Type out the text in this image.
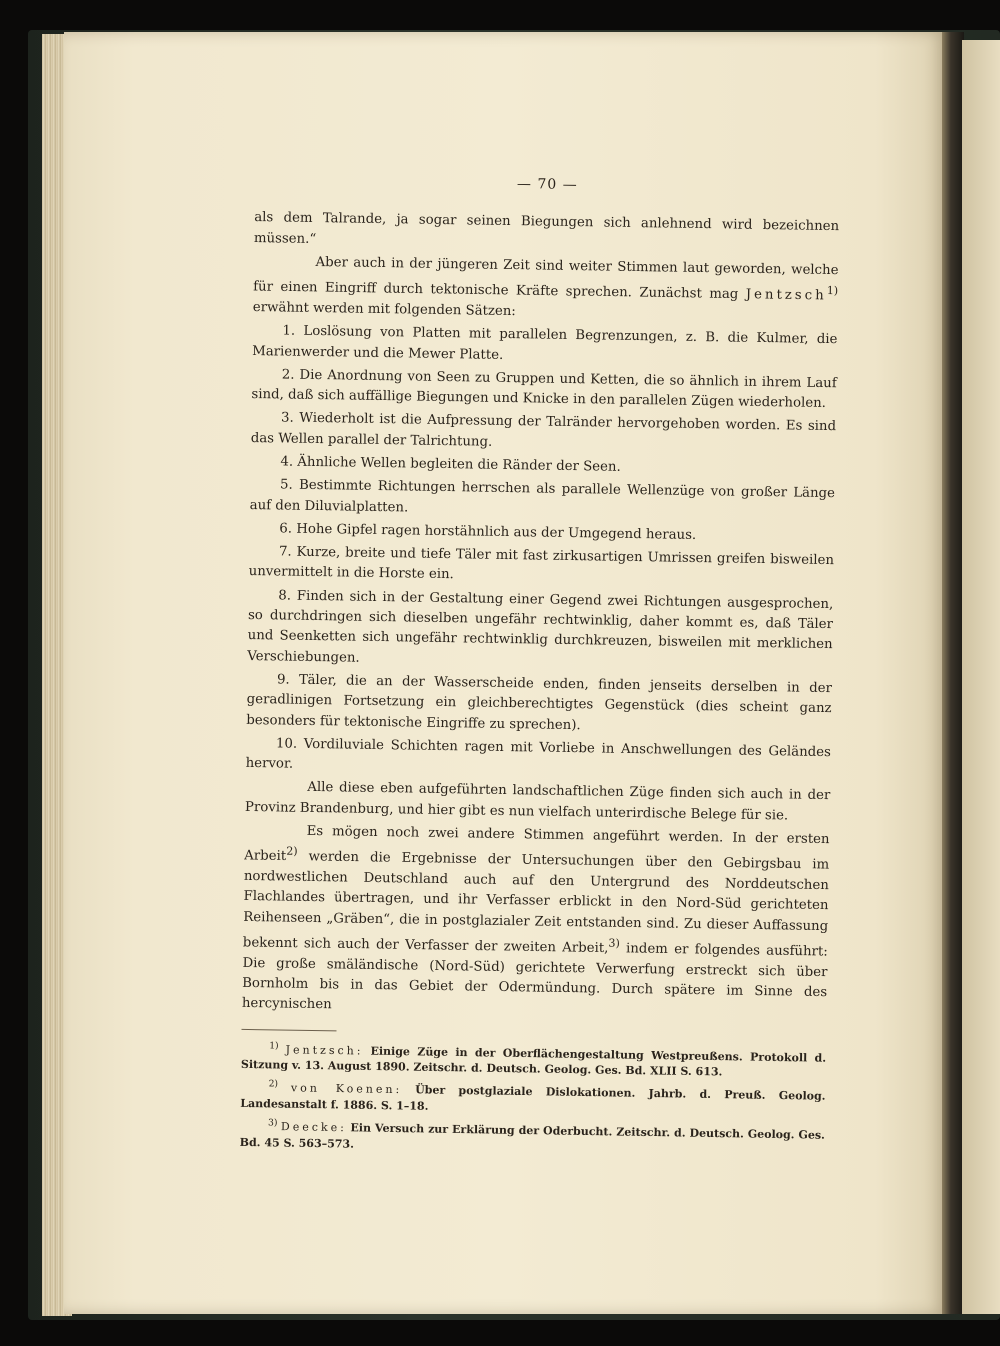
— 70 —

als dem Talrande, ja sogar seinen Biegungen sich anlehnend wird bezeichnen müssen.“

Aber auch in der jüngeren Zeit sind weiter Stimmen laut geworden, welche für einen Eingriff durch tektonische Kräfte sprechen. Zunächst mag Jentzsch$^{1)}$ erwähnt werden mit folgenden Sätzen:

1. Loslösung von Platten mit parallelen Begrenzungen, z. B. die Kulmer, die Marienwerder und die Mewer Platte.

2. Die Anordnung von Seen zu Gruppen und Ketten, die so ähnlich in ihrem Lauf sind, daß sich auffällige Biegungen und Knicke in den parallelen Zügen wiederholen.

3. Wiederholt ist die Aufpressung der Talränder hervorgehoben worden. Es sind das Wellen parallel der Talrichtung.

4. Ähnliche Wellen begleiten die Ränder der Seen.

5. Bestimmte Richtungen herrschen als parallele Wellenzüge von großer Länge auf den Diluvialplatten.

6. Hohe Gipfel ragen horstähnlich aus der Umgegend heraus.

7. Kurze, breite und tiefe Täler mit fast zirkusartigen Umrissen greifen bisweilen unvermittelt in die Horste ein.

8. Finden sich in der Gestaltung einer Gegend zwei Richtungen ausgesprochen, so durchdringen sich dieselben ungefähr rechtwinklig, daher kommt es, daß Täler und Seenketten sich ungefähr rechtwinklig durchkreuzen, bisweilen mit merklichen Verschiebungen.

9. Täler, die an der Wasserscheide enden, finden jenseits derselben in der geradlinigen Fortsetzung ein gleichberechtigtes Gegenstück (dies scheint ganz besonders für tektonische Eingriffe zu sprechen).

10. Vordiluviale Schichten ragen mit Vorliebe in Anschwellungen des Geländes hervor.

Alle diese eben aufgeführten landschaftlichen Züge finden sich auch in der Provinz Brandenburg, und hier gibt es nun vielfach unterirdische Belege für sie.

Es mögen noch zwei andere Stimmen angeführt werden. In der ersten Arbeit$^{2)}$ werden die Ergebnisse der Untersuchungen über den Gebirgsbau im nordwestlichen Deutschland auch auf den Untergrund des Norddeutschen Flachlandes übertragen, und ihr Verfasser erblickt in den Nord-Süd gerichteten Reihenseen „Gräben“, die in postglazialer Zeit entstanden sind. Zu dieser Auffassung bekennt sich auch der Verfasser der zweiten Arbeit,$^{3)}$ indem er folgendes ausführt: Die große smäländische (Nord-Süd) gerichtete Verwerfung erstreckt sich über Bornholm bis in das Gebiet der Odermündung. Durch spätere im Sinne des hercynischen

$^{1)}$ Jentzsch: Einige Züge in der Oberflächengestaltung Westpreußens. Protokoll d. Sitzung v. 13. August 1890. Zeitschr. d. Deutsch. Geolog. Ges. Bd. XLII S. 613.

$^{2)}$ von Koenen: Über postglaziale Dislokationen. Jahrb. d. Preuß. Geolog. Landesanstalt f. 1886. S. 1–18.

$^{3)}$ Deecke: Ein Versuch zur Erklärung der Oderbucht. Zeitschr. d. Deutsch. Geolog. Ges. Bd. 45 S. 563–573.
